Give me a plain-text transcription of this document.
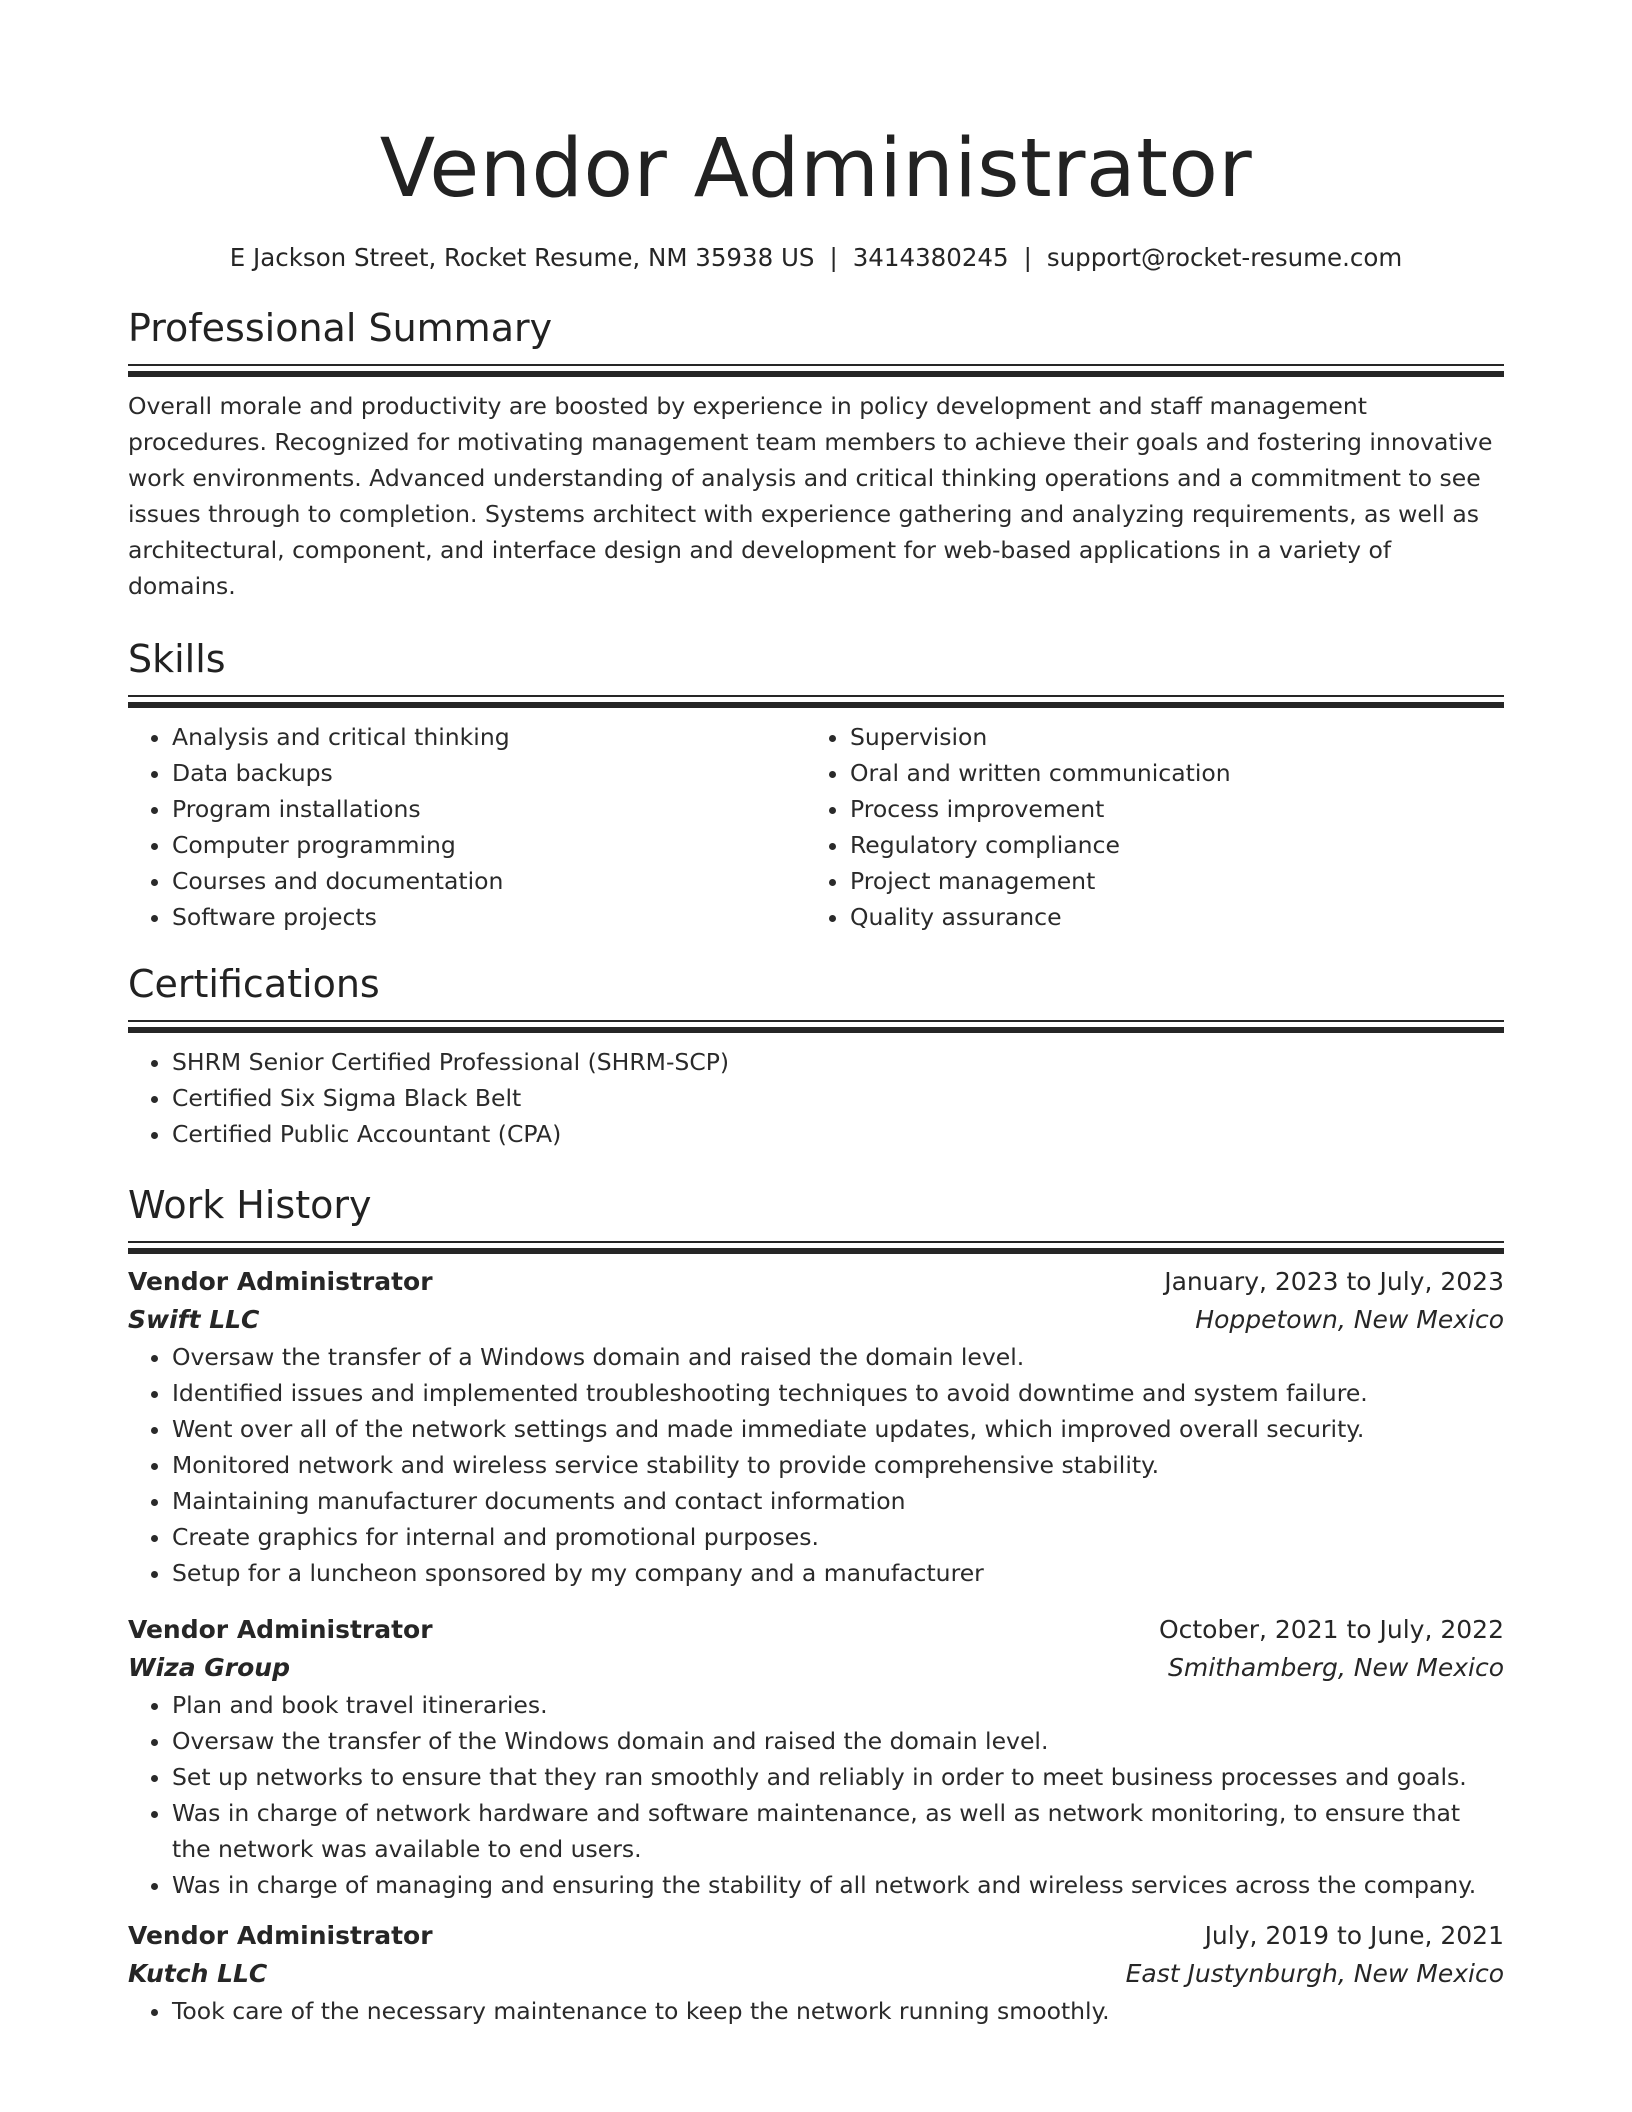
Vendor Administrator
E Jackson Street, Rocket Resume, NM 35938 US | 3414380245 | support@rocket-resume.com
Professional Summary

Overall morale and productivity are boosted by experience in policy development and staff management procedures. Recognized for motivating management team members to achieve their goals and fostering innovative work environments. Advanced understanding of analysis and critical thinking operations and a commitment to see issues through to completion. Systems architect with experience gathering and analyzing requirements, as well as architectural, component, and interface design and development for web-based applications in a variety of domains.

Skills
• Analysis and critical thinking
• Data backups
• Program installations
• Computer programming
• Courses and documentation
• Software projects
• Supervision
• Oral and written communication
• Process improvement
• Regulatory compliance
• Project management
• Quality assurance
Certifications
• SHRM Senior Certified Professional (SHRM-SCP)
• Certified Six Sigma Black Belt
• Certified Public Accountant (CPA)
Work History
Vendor Administrator	January, 2023 to July, 2023
Swift LLC	Hoppetown, New Mexico
• Oversaw the transfer of a Windows domain and raised the domain level.
• Identified issues and implemented troubleshooting techniques to avoid downtime and system failure.
• Went over all of the network settings and made immediate updates, which improved overall security.
• Monitored network and wireless service stability to provide comprehensive stability.
• Maintaining manufacturer documents and contact information
• Create graphics for internal and promotional purposes.
• Setup for a luncheon sponsored by my company and a manufacturer
Vendor Administrator	October, 2021 to July, 2022
Wiza Group	Smithamberg, New Mexico
• Plan and book travel itineraries.
• Oversaw the transfer of the Windows domain and raised the domain level.
• Set up networks to ensure that they ran smoothly and reliably in order to meet business processes and goals.
• Was in charge of network hardware and software maintenance, as well as network monitoring, to ensure that the network was available to end users.
• Was in charge of managing and ensuring the stability of all network and wireless services across the company.
Vendor Administrator	July, 2019 to June, 2021
Kutch LLC	East Justynburgh, New Mexico
• Took care of the necessary maintenance to keep the network running smoothly.
